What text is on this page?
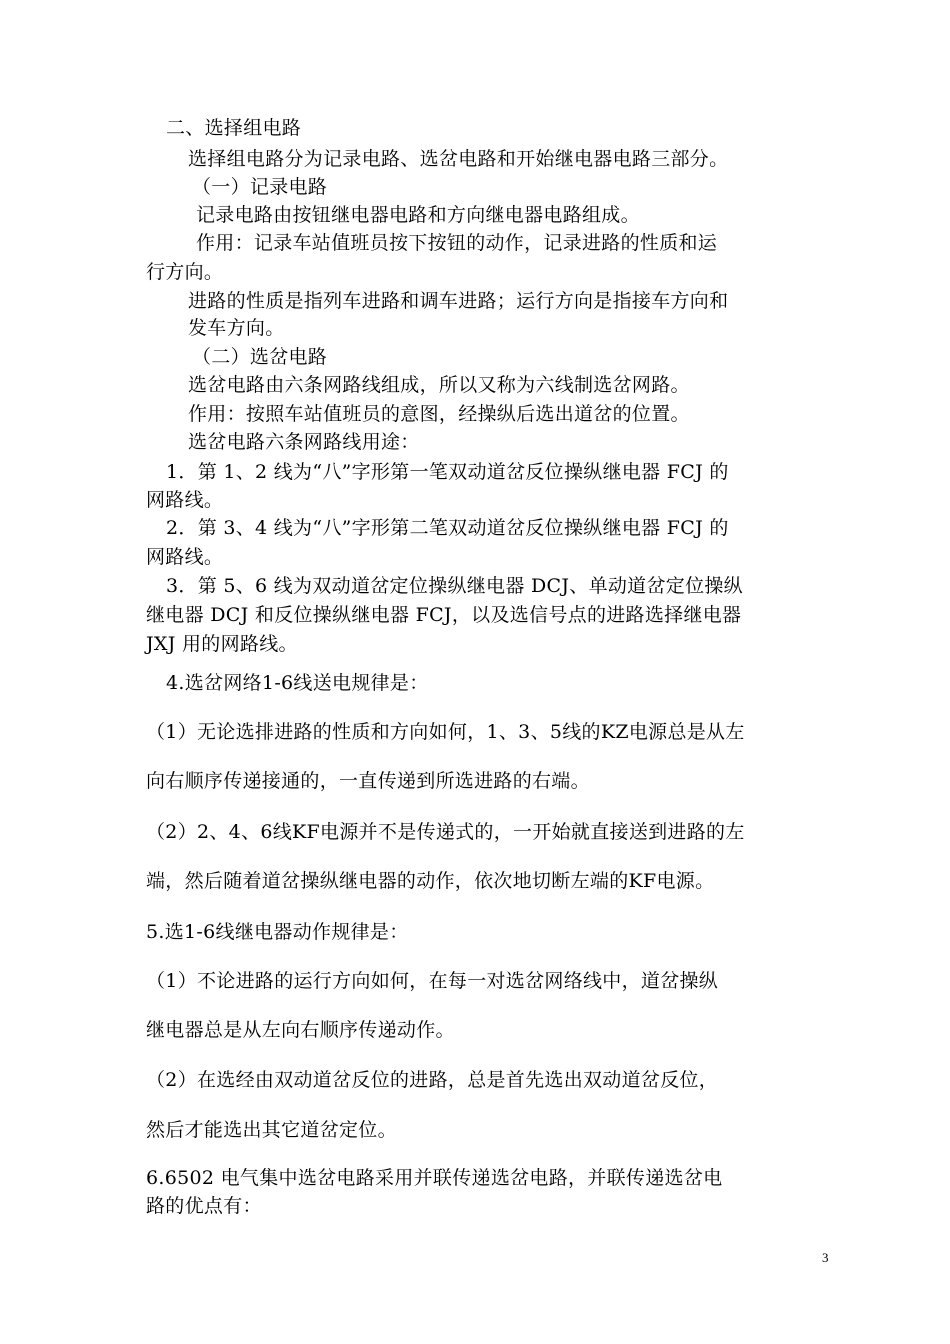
二、选择组电路
选择组电路分为记录电路、选岔电路和开始继电器电路三部分。
（一）记录电路
记录电路由按钮继电器电路和方向继电器电路组成。
作用：记录车站值班员按下按钮的动作，记录进路的性质和运
行方向。
进路的性质是指列车进路和调车进路；运行方向是指接车方向和
发车方向。
（二）选岔电路
选岔电路由六条网路线组成，所以又称为六线制选岔网路。
作用：按照车站值班员的意图，经操纵后选出道岔的位置。
选岔电路六条网路线用途：
1．第 1、2 线为“八”字形第一笔双动道岔反位操纵继电器 FCJ 的
网路线。
2．第 3、4 线为“八”字形第二笔双动道岔反位操纵继电器 FCJ 的
网路线。
3．第 5、6 线为双动道岔定位操纵继电器 DCJ、单动道岔定位操纵
继电器 DCJ 和反位操纵继电器 FCJ，以及选信号点的进路选择继电器
JXJ 用的网路线。
4.选岔网络1-6线送电规律是：
（1）无论选排进路的性质和方向如何，1、3、5线的KZ电源总是从左
向右顺序传递接通的，一直传递到所选进路的右端。
（2）2、4、6线KF电源并不是传递式的，一开始就直接送到进路的左
端，然后随着道岔操纵继电器的动作，依次地切断左端的KF电源。
5.选1-6线继电器动作规律是：
（1）不论进路的运行方向如何，在每一对选岔网络线中，道岔操纵
继电器总是从左向右顺序传递动作。
（2）在选经由双动道岔反位的进路，总是首先选出双动道岔反位，
然后才能选出其它道岔定位。
6.6502 电气集中选岔电路采用并联传递选岔电路，并联传递选岔电
路的优点有：
3
